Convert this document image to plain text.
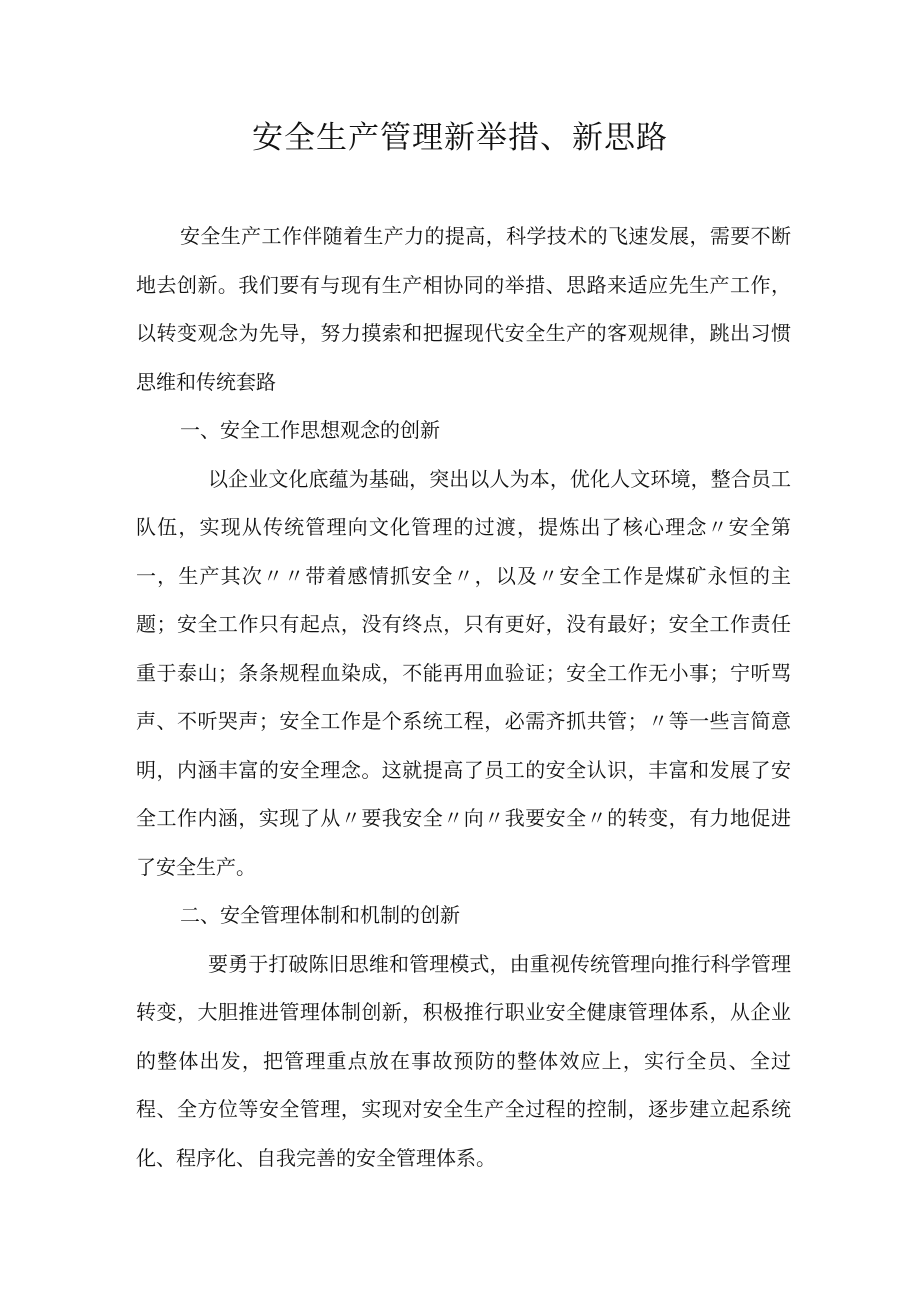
安全生产管理新举措、新思路

安全生产工作伴随着生产力的提高，科学技术的飞速发展，需要不断地去创新。我们要有与现有生产相协同的举措、思路来适应先生产工作，以转变观念为先导，努力摸索和把握现代安全生产的客观规律，跳出习惯思维和传统套路

一、安全工作思想观念的创新

以企业文化底蕴为基础，突出以人为本，优化人文环境，整合员工队伍，实现从传统管理向文化管理的过渡，提炼出了核心理念〃安全第一，生产其次〃〃带着感情抓安全〃，以及〃安全工作是煤矿永恒的主题；安全工作只有起点，没有终点，只有更好，没有最好；安全工作责任重于泰山；条条规程血染成，不能再用血验证；安全工作无小事；宁听骂声、不听哭声；安全工作是个系统工程，必需齐抓共管；〃等一些言简意明，内涵丰富的安全理念。这就提高了员工的安全认识，丰富和发展了安全工作内涵，实现了从〃要我安全〃向〃我要安全〃的转变，有力地促进了安全生产。

二、安全管理体制和机制的创新

要勇于打破陈旧思维和管理模式，由重视传统管理向推行科学管理转变，大胆推进管理体制创新，积极推行职业安全健康管理体系，从企业的整体出发，把管理重点放在事故预防的整体效应上，实行全员、全过程、全方位等安全管理，实现对安全生产全过程的控制，逐步建立起系统化、程序化、自我完善的安全管理体系。
